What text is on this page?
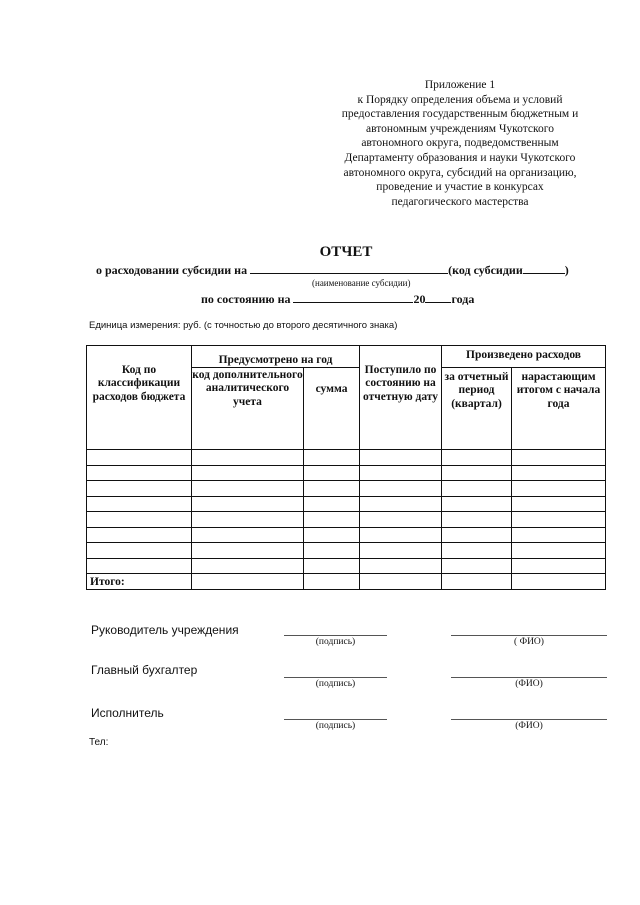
Приложение 1
к Порядку определения объема и условий
предоставления государственным бюджетным и
автономным учреждениям Чукотского
автономного округа, подведомственным
Департаменту образования и науки Чукотского
автономного округа, субсидий на организацию,
проведение и участие в конкурсах
педагогического мастерства
ОТЧЕТ
о расходовании субсидии на	(код субсидии	)
(наименование субсидии)
по состоянию на	20 года
Единица измерения: руб. (с точностью до второго десятичного знака)
Код по классификации расходов бюджета	Предусмотрено на год		Поступило по состоянию на отчетную дату	Произведено расходов	
	код дополнительного аналитического учета	сумма		за отчетный период (квартал)	нарастающим итогом с начала года

Итого:					
Руководитель учреждения
(подпись)	( ФИО)
Главный бухгалтер
(подпись)	(ФИО)
Исполнитель
(подпись)	(ФИО)
Тел:
